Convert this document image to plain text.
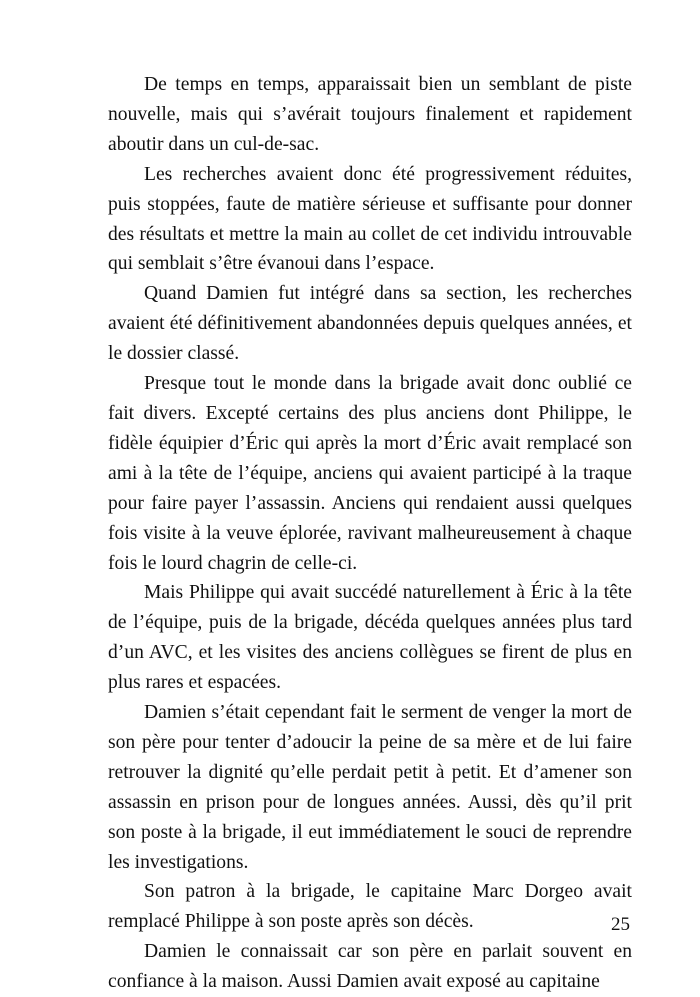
De temps en temps, apparaissait bien un semblant de piste nouvelle, mais qui s’avérait toujours finalement et rapidement aboutir dans un cul-de-sac.

Les recherches avaient donc été progressivement réduites, puis stoppées, faute de matière sérieuse et suffisante pour donner des résultats et mettre la main au collet de cet individu introuvable qui semblait s’être évanoui dans l’espace.

Quand Damien fut intégré dans sa section, les recherches avaient été définitivement abandonnées depuis quelques années, et le dossier classé.

Presque tout le monde dans la brigade avait donc oublié ce fait divers. Excepté certains des plus anciens dont Philippe, le fidèle équipier d’Éric qui après la mort d’Éric avait remplacé son ami à la tête de l’équipe, anciens qui avaient participé à la traque pour faire payer l’assassin. Anciens qui rendaient aussi quelques fois visite à la veuve éplorée, ravivant malheureusement à chaque fois le lourd chagrin de celle-ci.

Mais Philippe qui avait succédé naturellement à Éric à la tête de l’équipe, puis de la brigade, décéda quelques années plus tard d’un AVC, et les visites des anciens collègues se firent de plus en plus rares et espacées.

Damien s’était cependant fait le serment de venger la mort de son père pour tenter d’adoucir la peine de sa mère et de lui faire retrouver la dignité qu’elle perdait petit à petit. Et d’amener son assassin en prison pour de longues années. Aussi, dès qu’il prit son poste à la brigade, il eut immédiatement le souci de reprendre les investigations.

Son patron à la brigade, le capitaine Marc Dorgeo avait remplacé Philippe à son poste après son décès.

Damien le connaissait car son père en parlait souvent en confiance à la maison. Aussi Damien avait exposé au capitaine

25
